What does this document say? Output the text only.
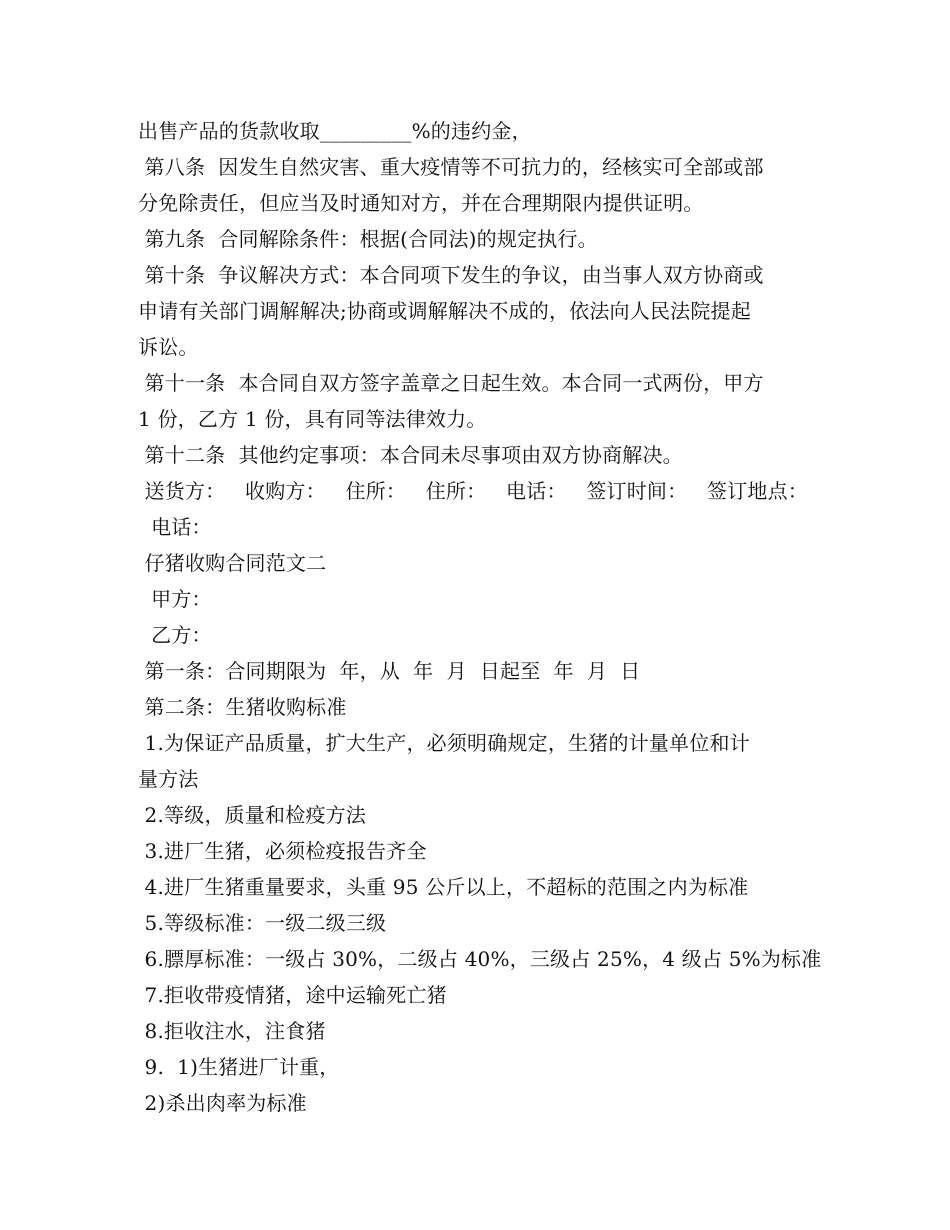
出售产品的货款收取_________%的违约金，
第八条  因发生自然灾害、重大疫情等不可抗力的，经核实可全部或部
分免除责任，但应当及时通知对方，并在合理期限内提供证明。
第九条  合同解除条件：根据(合同法)的规定执行。
第十条  争议解决方式：本合同项下发生的争议，由当事人双方协商或
申请有关部门调解解决;协商或调解解决不成的，依法向人民法院提起
诉讼。
第十一条  本合同自双方签字盖章之日起生效。本合同一式两份，甲方
1 份，乙方 1 份，具有同等法律效力。
第十二条  其他约定事项：本合同未尽事项由双方协商解决。
送货方：   收购方：   住所：   住所：   电话：   签订时间：   签订地点：
电话：
仔猪收购合同范文二
甲方：
乙方：
第一条：合同期限为  年，从  年  月  日起至  年  月  日
第二条：生猪收购标准
1.为保证产品质量，扩大生产，必须明确规定，生猪的计量单位和计
量方法
2.等级，质量和检疫方法
3.进厂生猪，必须检疫报告齐全
4.进厂生猪重量要求，头重 95 公斤以上，不超标的范围之内为标准
5.等级标准：一级二级三级
6.膘厚标准：一级占 30%，二级占 40%，三级占 25%，4 级占 5%为标准
7.拒收带疫情猪，途中运输死亡猪
8.拒收注水，注食猪
9.  1)生猪进厂计重，
2)杀出肉率为标准
